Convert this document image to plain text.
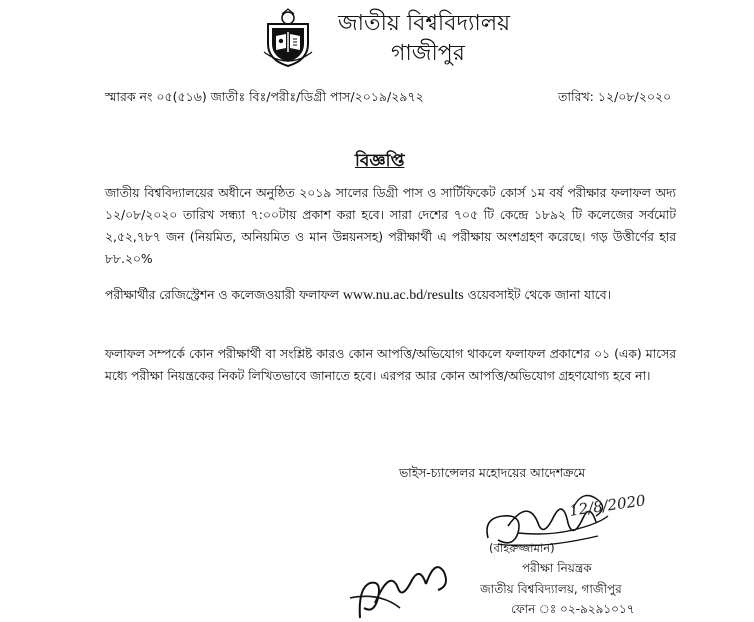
জাতীয় বিশ্ববিদ্যালয়
গাজীপুর
স্মারক নং ০৫(৫১৬) জাতীঃ বিঃ/পরীঃ/ডিগ্রী পাস/২০১৯/২৯৭২	তারিখ: ১২/০৮/২০২০
বিজ্ঞপ্তি
জাতীয় বিশ্ববিদ্যালয়ের অধীনে অনুষ্ঠিত ২০১৯ সালের ডিগ্রী পাস ও সার্টিফিকেট কোর্স ১ম বর্ষ পরীক্ষার ফলাফল অদ্য ১২/০৮/২০২০ তারিখ সন্ধ্যা ৭:০০টায় প্রকাশ করা হবে। সারা দেশের ৭০৫ টি কেন্দ্রে ১৮৯২ টি কলেজের সর্বমোট ২,৫২,৭৮৭ জন (নিয়মিত, অনিয়মিত ও মান উন্নয়নসহ) পরীক্ষার্থী এ পরীক্ষায় অংশগ্রহণ করেছে। গড় উত্তীর্ণের হার ৮৮.২০%
পরীক্ষার্থীর রেজিস্ট্রেশন ও কলেজওয়ারী ফলাফল www.nu.ac.bd/results ওয়েবসাইট থেকে জানা যাবে।
ফলাফল সম্পর্কে কোন পরীক্ষার্থী বা সংশ্লিষ্ট কারও কোন আপত্তি/অভিযোগ থাকলে ফলাফল প্রকাশের ০১ (এক) মাসের মধ্যে পরীক্ষা নিয়ন্ত্রকের নিকট লিখিতভাবে জানাতে হবে। এরপর আর কোন আপত্তি/অভিযোগ গ্রহণযোগ্য হবে না।
ভাইস-চ্যান্সেলর মহোদয়ের আদেশক্রমে
12/8/2020
(বাহরুজ্জামান)
পরীক্ষা নিয়ন্ত্রক
জাতীয় বিশ্ববিদ্যালয়, গাজীপুর
ফোন ঃ ০২-৯২৯১০১৭
